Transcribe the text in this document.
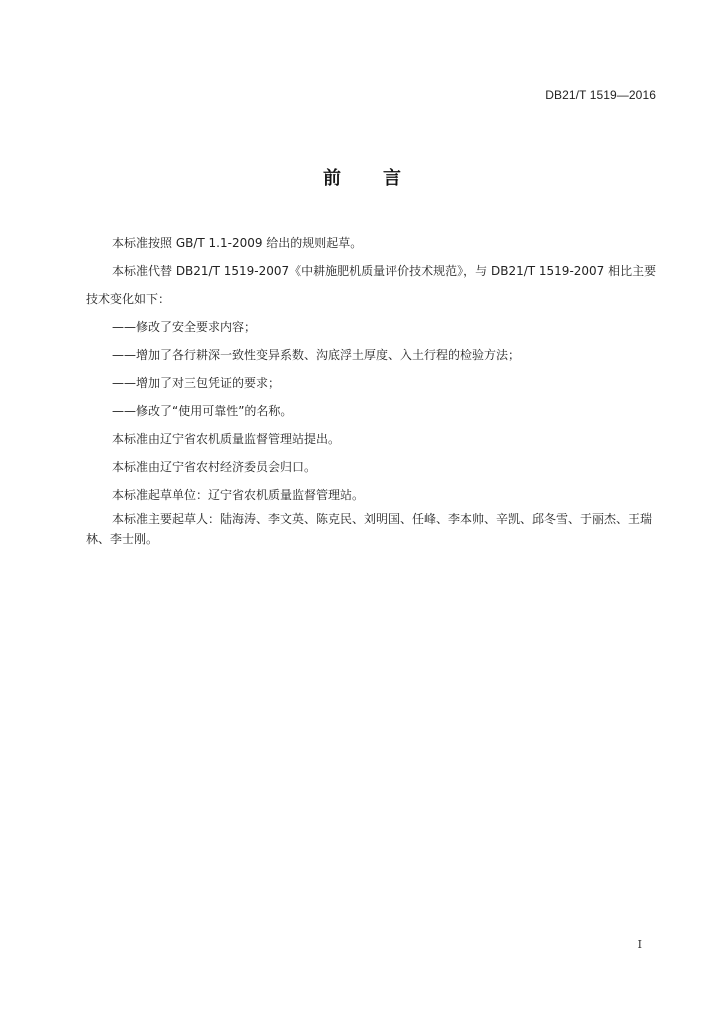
DB21/T 1519—2016
前 言
本标准按照 GB/T 1.1-2009 给出的规则起草。
本标准代替 DB21/T 1519-2007《中耕施肥机质量评价技术规范》，与 DB21/T 1519-2007 相比主要
技术变化如下：
——修改了安全要求内容；
——增加了各行耕深一致性变异系数、沟底浮土厚度、入土行程的检验方法；
——增加了对三包凭证的要求；
——修改了“使用可靠性”的名称。
本标准由辽宁省农机质量监督管理站提出。
本标准由辽宁省农村经济委员会归口。
本标准起草单位：辽宁省农机质量监督管理站。
本标准主要起草人：陆海涛、李文英、陈克民、刘明国、任峰、李本帅、辛凯、邱冬雪、于丽杰、王瑞
林、李士刚。
I
